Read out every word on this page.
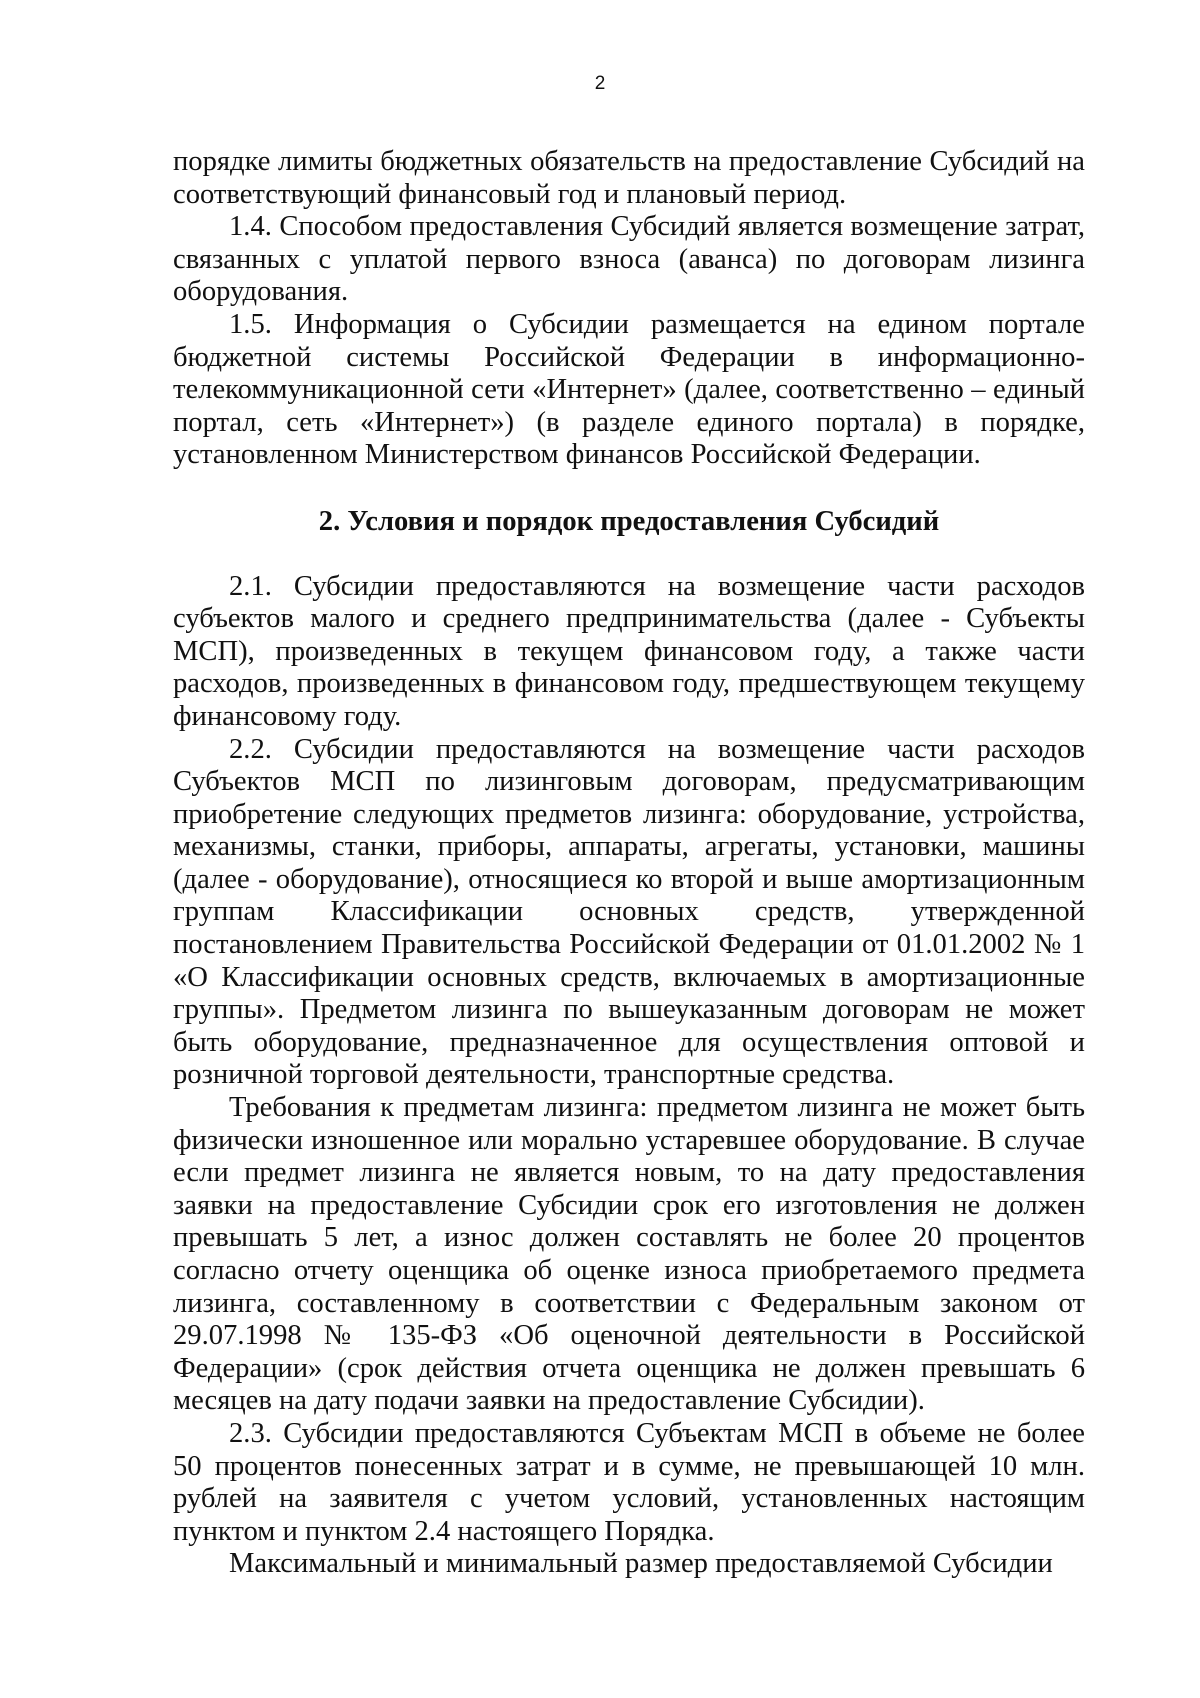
2

порядке лимиты бюджетных обязательств на предоставление Субсидий на соответствующий финансовый год и плановый период.

1.4. Способом предоставления Субсидий является возмещение затрат, связанных с уплатой первого взноса (аванса) по договорам лизинга оборудования.

1.5. Информация о Субсидии размещается на едином портале бюджетной системы Российской Федерации в информационно-телекоммуникационной сети «Интернет» (далее, соответственно – единый портал, сеть «Интернет») (в разделе единого портала) в порядке, установленном Министерством финансов Российской Федерации.

2. Условия и порядок предоставления Субсидий

2.1. Субсидии предоставляются на возмещение части расходов субъектов малого и среднего предпринимательства (далее - Субъекты МСП), произведенных в текущем финансовом году, а также части расходов, произведенных в финансовом году, предшествующем текущему финансовому году.

2.2. Субсидии предоставляются на возмещение части расходов Субъектов МСП по лизинговым договорам, предусматривающим приобретение следующих предметов лизинга: оборудование, устройства, механизмы, станки, приборы, аппараты, агрегаты, установки, машины (далее - оборудование), относящиеся ко второй и выше амортизационным группам Классификации основных средств, утвержденной постановлением Правительства Российской Федерации от 01.01.2002 № 1 «О Классификации основных средств, включаемых в амортизационные группы». Предметом лизинга по вышеуказанным договорам не может быть оборудование, предназначенное для осуществления оптовой и розничной торговой деятельности, транспортные средства.

Требования к предметам лизинга: предметом лизинга не может быть физически изношенное или морально устаревшее оборудование. В случае если предмет лизинга не является новым, то на дату предоставления заявки на предоставление Субсидии срок его изготовления не должен превышать 5 лет, а износ должен составлять не более 20 процентов согласно отчету оценщика об оценке износа приобретаемого предмета лизинга, составленному в соответствии с Федеральным законом от 29.07.1998 № 135-ФЗ «Об оценочной деятельности в Российской Федерации» (срок действия отчета оценщика не должен превышать 6 месяцев на дату подачи заявки на предоставление Субсидии).

2.3. Субсидии предоставляются Субъектам МСП в объеме не более 50 процентов понесенных затрат и в сумме, не превышающей 10 млн. рублей на заявителя с учетом условий, установленных настоящим пунктом и пунктом 2.4 настоящего Порядка.

Максимальный и минимальный размер предоставляемой Субсидии
